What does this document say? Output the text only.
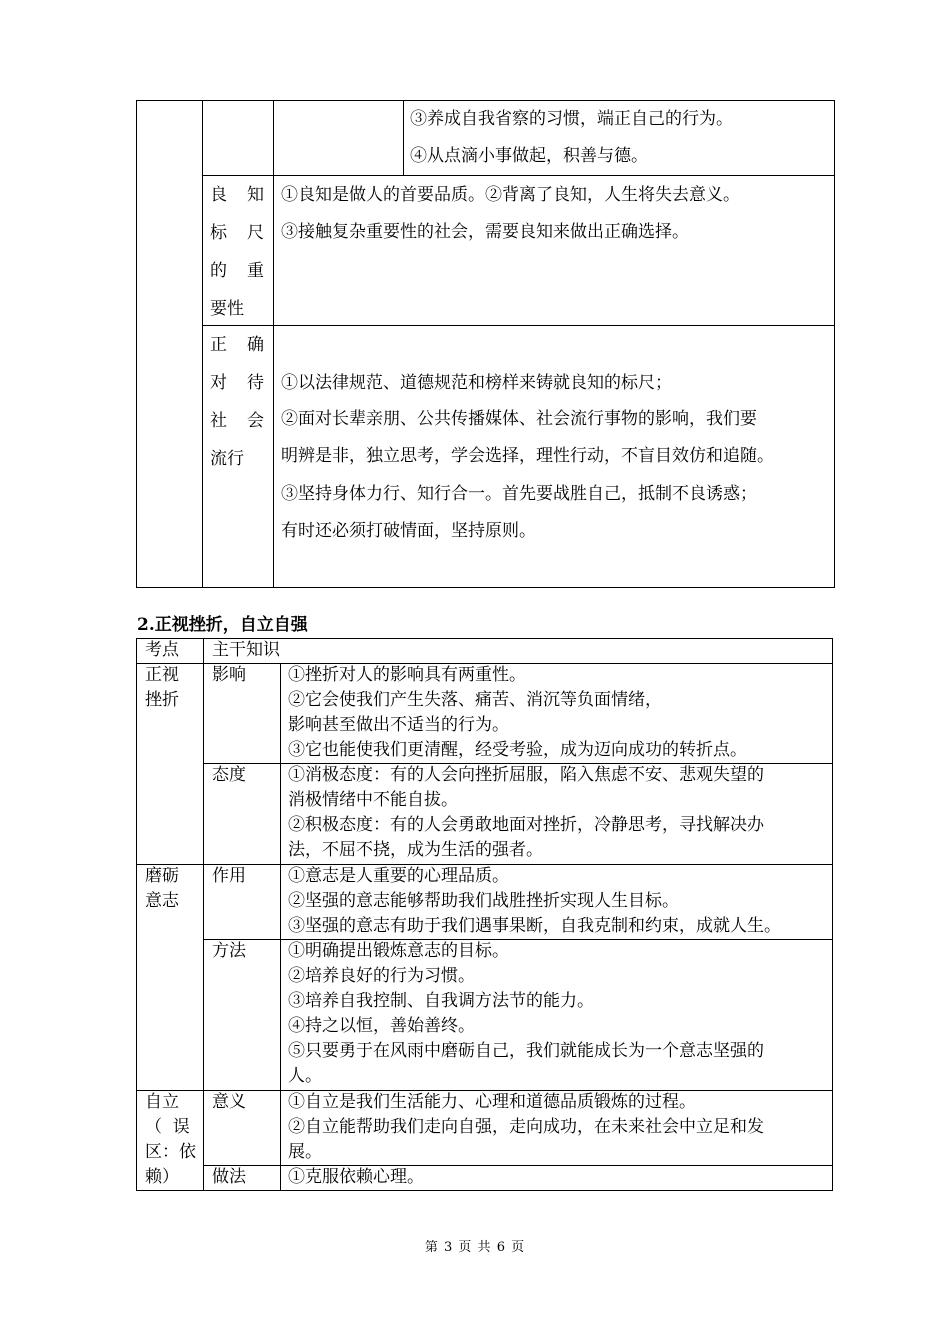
③养成自我省察的习惯，端正自己的行为。
④从点滴小事做起，积善与德。
良知
标尺
的重
要性
①良知是做人的首要品质。②背离了良知，人生将失去意义。
③接触复杂重要性的社会，需要良知来做出正确选择。
正确
对待
社会
流行
①以法律规范、道德规范和榜样来铸就良知的标尺；
②面对长辈亲朋、公共传播媒体、社会流行事物的影响，我们要
明辨是非，独立思考，学会选择，理性行动，不盲目效仿和追随。
③坚持身体力行、知行合一。首先要战胜自己，抵制不良诱惑；
有时还必须打破情面，坚持原则。
2.正视挫折，自立自强
考点 主干知识
正视
挫折
影响 ①挫折对人的影响具有两重性。
②它会使我们产生失落、痛苦、消沉等负面情绪，
影响甚至做出不适当的行为。
③它也能使我们更清醒，经受考验，成为迈向成功的转折点。
态度 ①消极态度：有的人会向挫折屈服，陷入焦虑不安、悲观失望的
消极情绪中不能自拔。
②积极态度：有的人会勇敢地面对挫折，冷静思考，寻找解决办
法，不屈不挠，成为生活的强者。
磨砺
意志
作用 ①意志是人重要的心理品质。
②坚强的意志能够帮助我们战胜挫折实现人生目标。
③坚强的意志有助于我们遇事果断，自我克制和约束，成就人生。
方法 ①明确提出锻炼意志的目标。
②培养良好的行为习惯。
③培养自我控制、自我调方法节的能力。
④持之以恒，善始善终。
⑤只要勇于在风雨中磨砺自己，我们就能成长为一个意志坚强的
人。
自立
（  误
区：依
赖）
意义 ①自立是我们生活能力、心理和道德品质锻炼的过程。
②自立能帮助我们走向自强，走向成功，在未来社会中立足和发
展。
做法 ①克服依赖心理。
第 3 页 共 6 页
